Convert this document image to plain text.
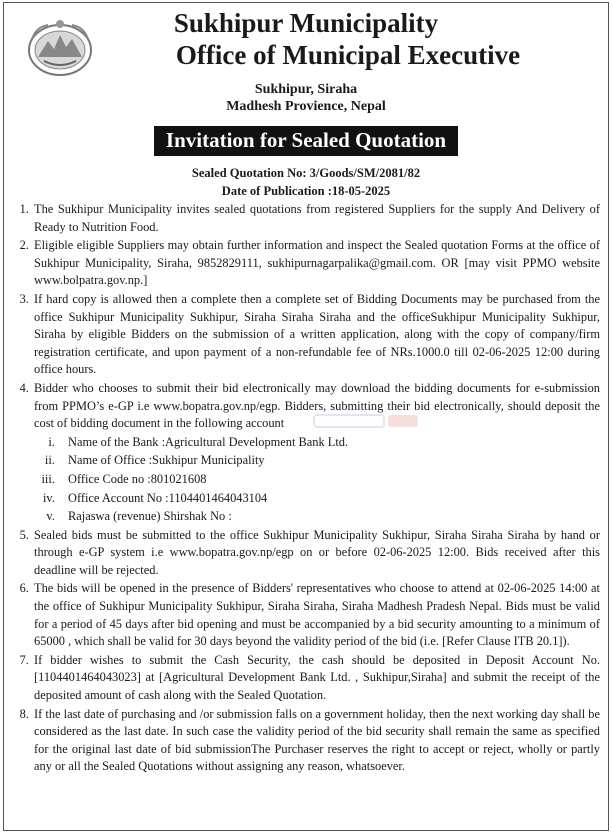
Sukhipur Municipality
Office of Municipal Executive
Sukhipur, Siraha
Madhesh Provience, Nepal
Invitation for Sealed Quotation
Sealed Quotation No: 3/Goods/SM/2081/82
Date of Publication :18-05-2025
1. The Sukhipur Municipality invites sealed quotations from registered Suppliers for the supply And Delivery of Ready to Nutrition Food.
2. Eligible eligible Suppliers may obtain further information and inspect the Sealed quotation Forms at the office of Sukhipur Municipality, Siraha, 9852829111, sukhipurnagarpalika@gmail.com. OR [may visit PPMO website www.bolpatra.gov.np.]
3. If hard copy is allowed then a complete then a complete set of Bidding Documents may be purchased from the office Sukhipur Municipality Sukhipur, Siraha Siraha Siraha and the officeSukhipur Municipality Sukhipur, Siraha by eligible Bidders on the submission of a written application, along with the copy of company/firm registration certificate, and upon payment of a non-refundable fee of NRs.1000.0 till 02-06-2025 12:00 during office hours.
4. Bidder who chooses to submit their bid electronically may download the bidding documents for e-submission from PPMO’s e-GP i.e www.bopatra.gov.np/egp. Bidders, submitting their bid electronically, should deposit the cost of bidding document in the following account
i. Name of the Bank :Agricultural Development Bank Ltd.
ii. Name of Office :Sukhipur Municipality
iii. Office Code no :801021608
iv. Office Account No :1104401464043104
v. Rajaswa (revenue) Shirshak No :
5. Sealed bids must be submitted to the office Sukhipur Municipality Sukhipur, Siraha Siraha Siraha by hand or through e-GP system i.e www.bopatra.gov.np/egp on or before 02-06-2025 12:00. Bids received after this deadline will be rejected.
6. The bids will be opened in the presence of Bidders' representatives who choose to attend at 02-06-2025 14:00 at the office of Sukhipur Municipality Sukhipur, Siraha Siraha, Siraha Madhesh Pradesh Nepal. Bids must be valid for a period of 45 days after bid opening and must be accompanied by a bid security amounting to a minimum of 65000 , which shall be valid for 30 days beyond the validity period of the bid (i.e. [Refer Clause ITB 20.1]).
7. If bidder wishes to submit the Cash Security, the cash should be deposited in Deposit Account No.[1104401464043023] at [Agricultural Development Bank Ltd. , Sukhipur,Siraha] and submit the receipt of the deposited amount of cash along with the Sealed Quotation.
8. If the last date of purchasing and /or submission falls on a government holiday, then the next working day shall be considered as the last date. In such case the validity period of the bid security shall remain the same as specified for the original last date of bid submissionThe Purchaser reserves the right to accept or reject, wholly or partly any or all the Sealed Quotations without assigning any reason, whatsoever.
